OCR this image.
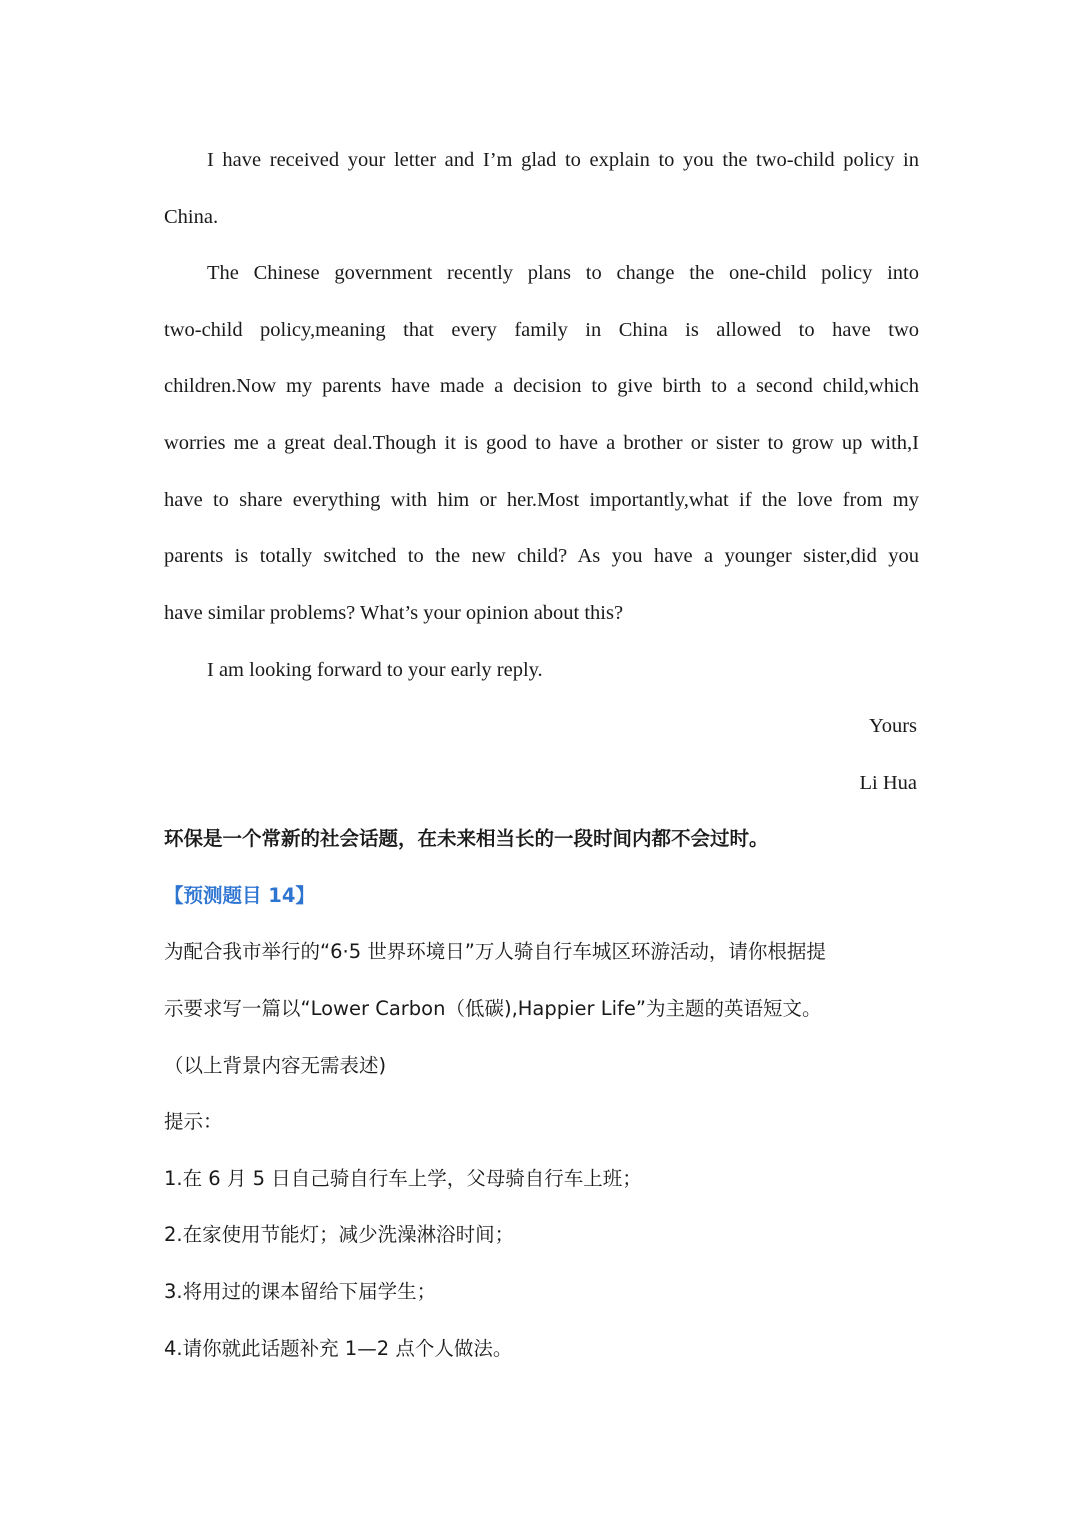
I have received your letter and I’m glad to explain to you the two-child policy in
China.
The Chinese government recently plans to change the one-child policy into
two-child policy,meaning that every family in China is allowed to have two
children.Now my parents have made a decision to give birth to a second child,which
worries me a great deal.Though it is good to have a brother or sister to grow up with,I
have to share everything with him or her.Most importantly,what if the love from my
parents is totally switched to the new child? As you have a younger sister,did you
have similar problems? What’s your opinion about this?
I am looking forward to your early reply.
Yours
Li Hua
环保是一个常新的社会话题，在未来相当长的一段时间内都不会过时。
【预测题目 14】
为配合我市举行的“6·5 世界环境日”万人骑自行车城区环游活动，请你根据提
示要求写一篇以“Lower Carbon（低碳),Happier Life”为主题的英语短文。
（以上背景内容无需表述)
提示：
1.在 6 月 5 日自己骑自行车上学，父母骑自行车上班；
2.在家使用节能灯；减少洗澡淋浴时间；
3.将用过的课本留给下届学生；
4.请你就此话题补充 1—2 点个人做法。
